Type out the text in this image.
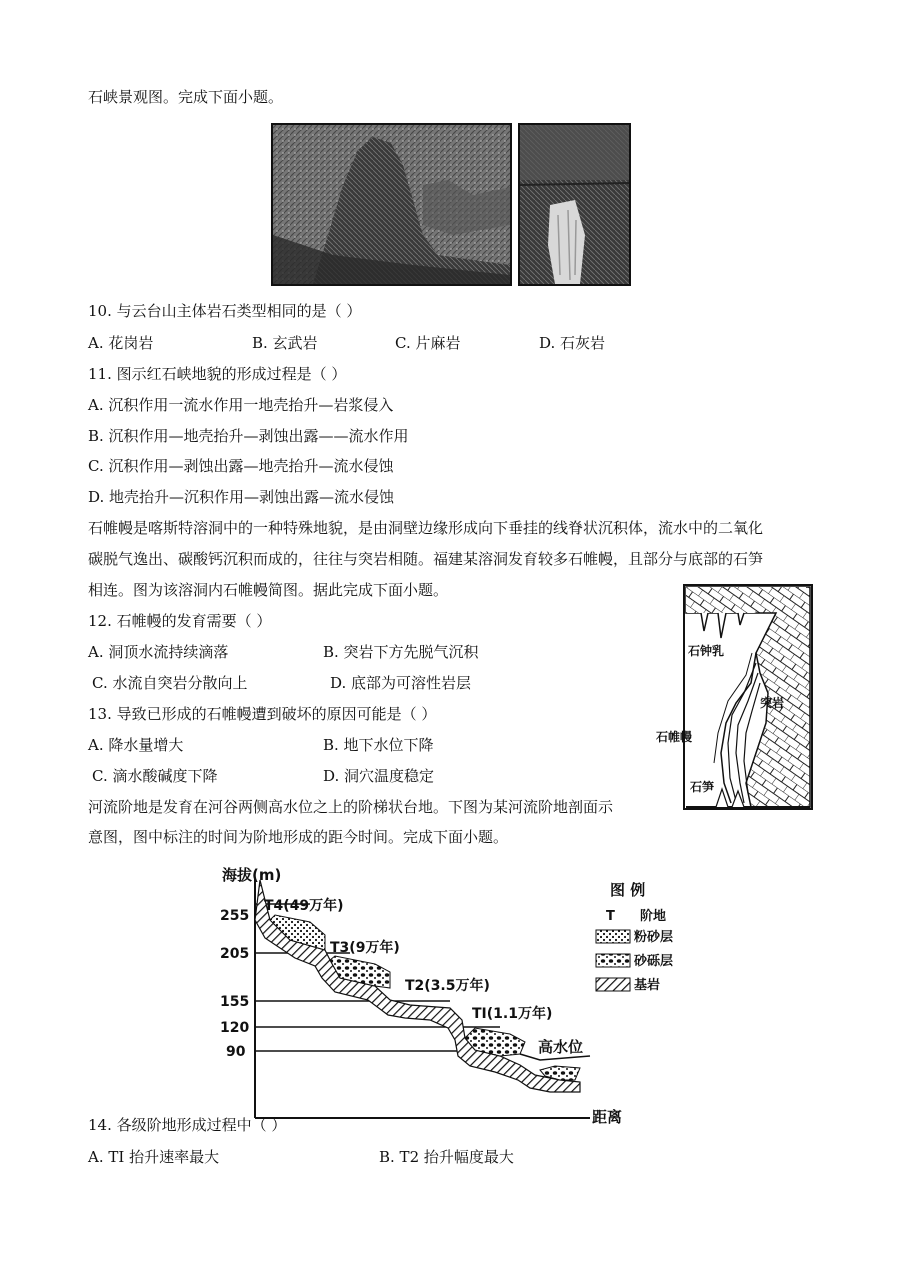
石峡景观图。完成下面小题。
10. 与云台山主体岩石类型相同的是（ ）
A. 花岗岩	B. 玄武岩	C. 片麻岩	D. 石灰岩
11. 图示红石峡地貌的形成过程是（ ）
A. 沉积作用一流水作用一地壳抬升—岩浆侵入
B. 沉积作用—地壳抬升—剥蚀出露——流水作用
C. 沉积作用—剥蚀出露—地壳抬升—流水侵蚀
D. 地壳抬升—沉积作用—剥蚀出露—流水侵蚀
石帷幔是喀斯特溶洞中的一种特殊地貌，是由洞壁边缘形成向下垂挂的线脊状沉积体，流水中的二氧化
碳脱气逸出、碳酸钙沉积而成的，往往与突岩相随。福建某溶洞发育较多石帷幔，且部分与底部的石笋
相连。图为该溶洞内石帷幔简图。据此完成下面小题。
12. 石帷幔的发育需要（ ）
A. 洞顶水流持续滴落	B. 突岩下方先脱气沉积
C. 水流自突岩分散向上	D. 底部为可溶性岩层
13. 导致已形成的石帷幔遭到破坏的原因可能是（ ）
A. 降水量增大	B. 地下水位下降
C. 滴水酸碱度下降	D. 洞穴温度稳定
石钟乳
突岩
石帷幔
石笋
河流阶地是发育在河谷两侧高水位之上的阶梯状台地。下图为某河流阶地剖面示
意图，图中标注的时间为阶地形成的距今时间。完成下面小题。
海拔(m)
255
205
155
120
90
T4(49万年)
T3(9万年)
T2(3.5万年)
TI(1.1万年)
高水位
距离
图 例
T 阶地
粉砂层
砂砾层
基岩
14. 各级阶地形成过程中（ ）
A. TI 抬升速率最大	B. T2 抬升幅度最大
